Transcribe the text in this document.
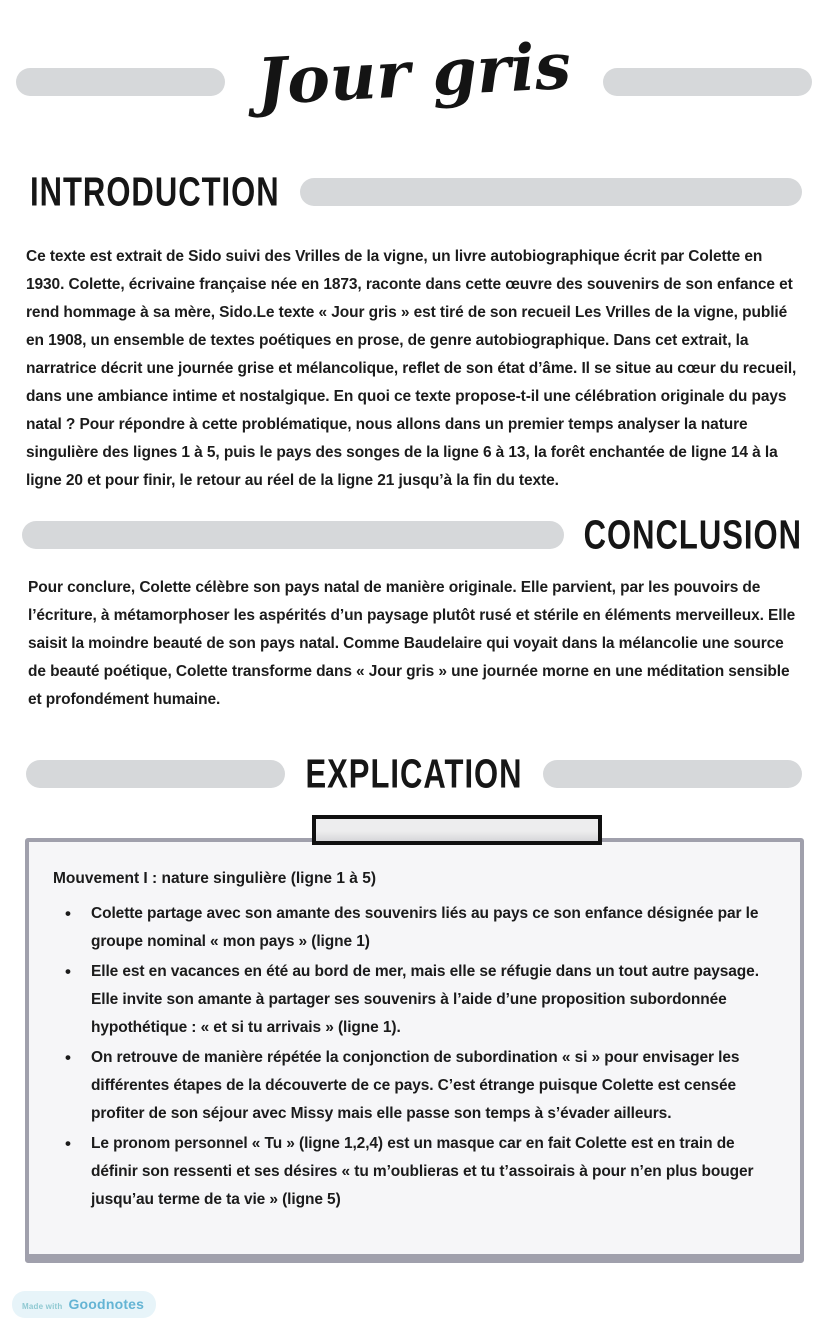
Jour gris
INTRODUCTION
Ce texte est extrait de Sido suivi des Vrilles de la vigne, un livre autobiographique écrit par Colette en 1930. Colette, écrivaine française née en 1873, raconte dans cette œuvre des souvenirs de son enfance et rend hommage à sa mère, Sido.Le texte « Jour gris » est tiré de son recueil Les Vrilles de la vigne, publié en 1908, un ensemble de textes poétiques en prose, de genre autobiographique. Dans cet extrait, la narratrice décrit une journée grise et mélancolique, reflet de son état d’âme. Il se situe au cœur du recueil, dans une ambiance intime et nostalgique. En quoi ce texte propose-t-il une célébration originale du pays natal ? Pour répondre à cette problématique, nous allons dans un premier temps analyser la nature singulière des lignes 1 à 5, puis le pays des songes de la ligne 6 à 13, la forêt enchantée de ligne 14 à la ligne 20 et pour finir, le retour au réel de la ligne 21 jusqu’à la fin du texte.
CONCLUSION
Pour conclure, Colette célèbre son pays natal de manière originale. Elle parvient, par les pouvoirs de l’écriture, à métamorphoser les aspérités d’un paysage plutôt rusé et stérile en éléments merveilleux. Elle saisit la moindre beauté de son pays natal. Comme Baudelaire qui voyait dans la mélancolie une source de beauté poétique, Colette transforme dans « Jour gris » une journée morne en une méditation sensible et profondément humaine.
EXPLICATION
Mouvement I : nature singulière (ligne 1 à 5)
• Colette partage avec son amante des souvenirs liés au pays ce son enfance désignée par le groupe nominal « mon pays » (ligne 1)
• Elle est en vacances en été au bord de mer, mais elle se réfugie dans un tout autre paysage. Elle invite son amante à partager ses souvenirs à l’aide d’une proposition subordonnée hypothétique : « et si tu arrivais » (ligne 1).
• On retrouve de manière répétée la conjonction de subordination « si » pour envisager les différentes étapes de la découverte de ce pays. C’est étrange puisque Colette est censée profiter de son séjour avec Missy mais elle passe son temps à s’évader ailleurs.
• Le pronom personnel « Tu » (ligne 1,2,4) est un masque car en fait Colette est en train de définir son ressenti et ses désires « tu m’oublieras et tu t’assoirais à pour n’en plus bouger jusqu’au terme de ta vie » (ligne 5)
Made with Goodnotes
